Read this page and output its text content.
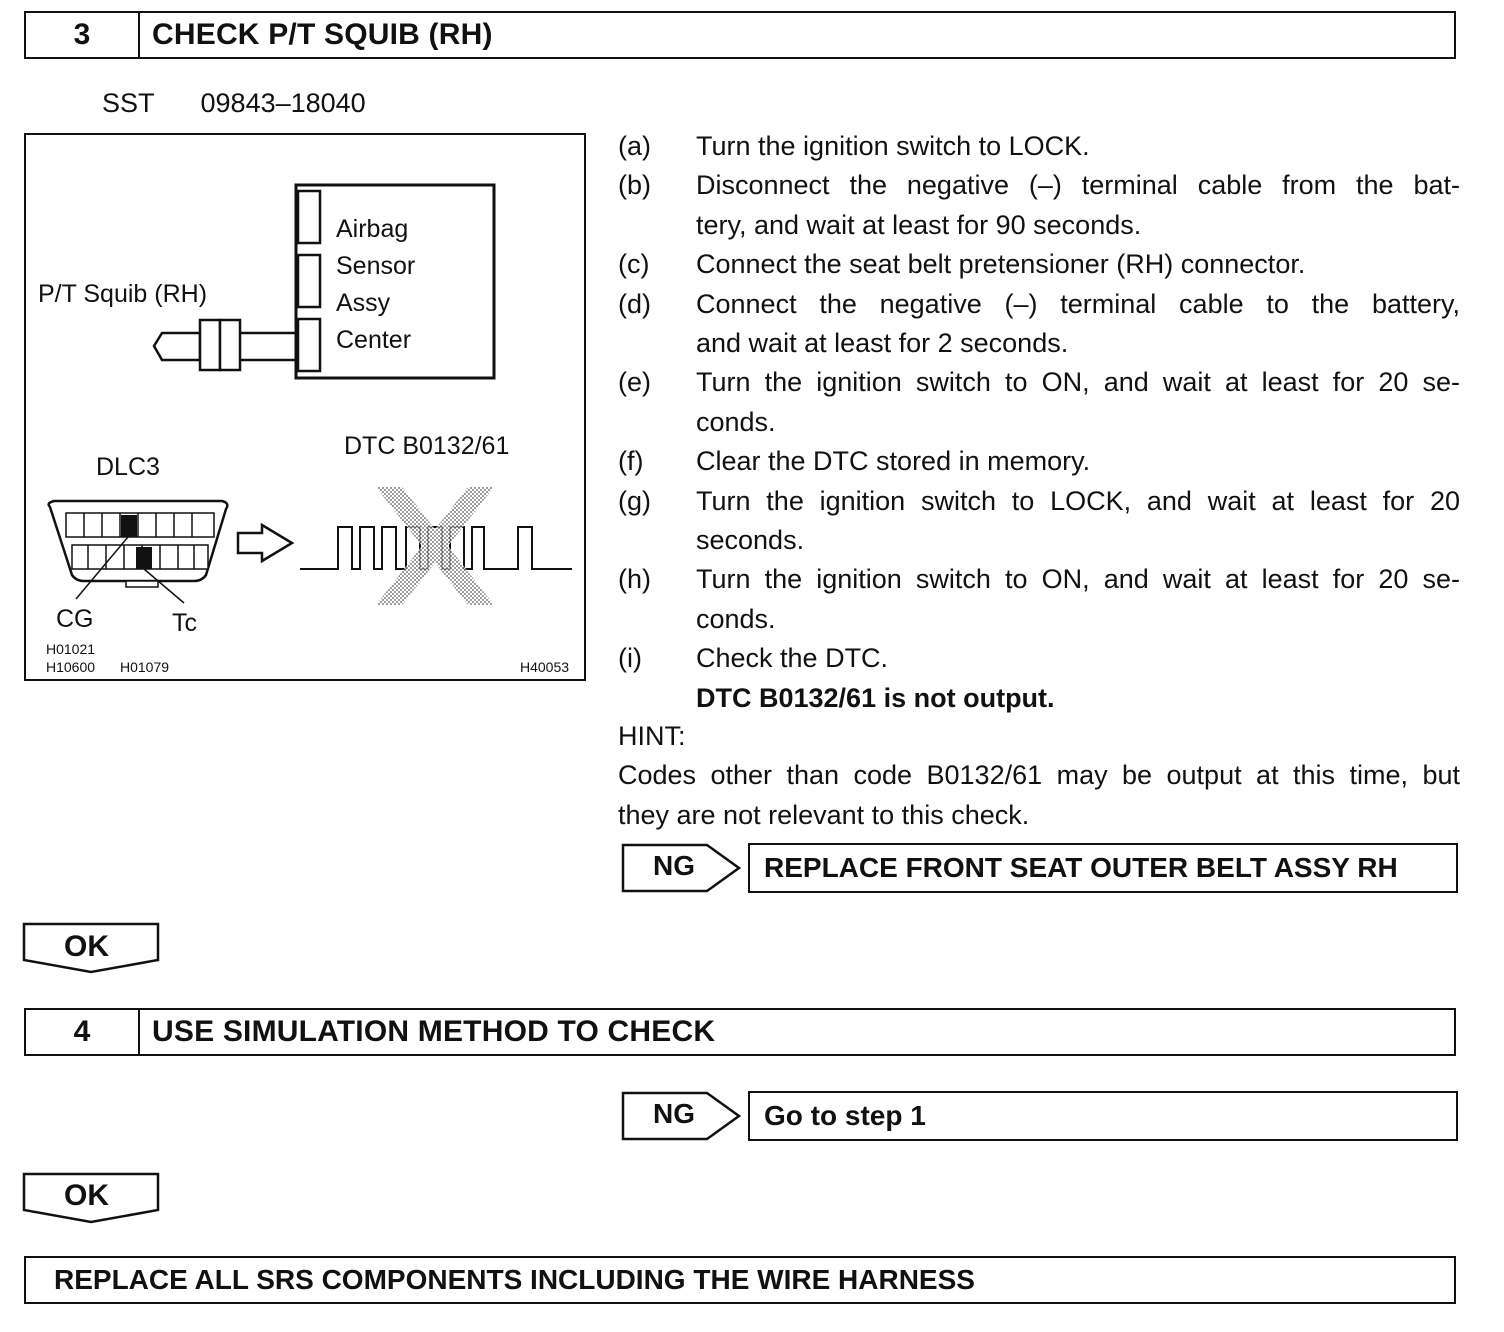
3	CHECK P/T SQUIB (RH)
SST 09843–18040
Airbag
Sensor
Assy
Center
P/T Squib (RH)
DTC B0132/61
DLC3
CG	Tc
H01021
H10600 H01079	H40053
(a)	Turn the ignition switch to LOCK.
(b)	Disconnect the negative (–) terminal cable from the bat-
tery, and wait at least for 90 seconds.
(c)	Connect the seat belt pretensioner (RH) connector.
(d)	Connect the negative (–) terminal cable to the battery,
and wait at least for 2 seconds.
(e)	Turn the ignition switch to ON, and wait at least for 20 se-
conds.
(f)	Clear the DTC stored in memory.
(g)	Turn the ignition switch to LOCK, and wait at least for 20
seconds.
(h)	Turn the ignition switch to ON, and wait at least for 20 se-
conds.
(i)	Check the DTC.
DTC B0132/61 is not output.
HINT:
Codes other than code B0132/61 may be output at this time, but
they are not relevant to this check.
NG	REPLACE FRONT SEAT OUTER BELT ASSY RH
OK
4	USE SIMULATION METHOD TO CHECK
NG	Go to step 1
OK
REPLACE ALL SRS COMPONENTS INCLUDING THE WIRE HARNESS
